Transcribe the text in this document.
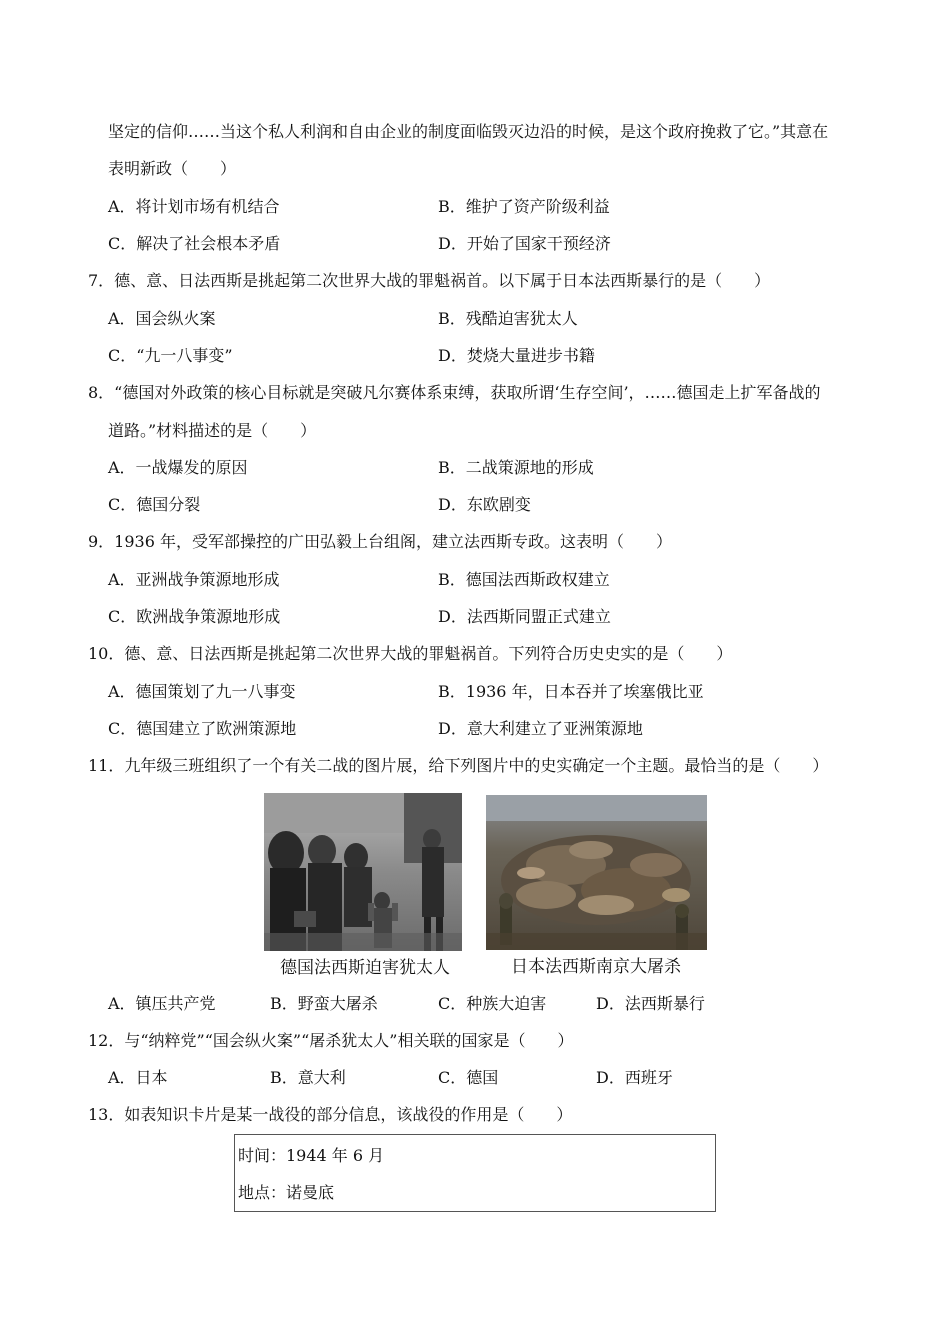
坚定的信仰……当这个私人利润和自由企业的制度面临毁灭边沿的时候，是这个政府挽救了它。”其意在
表明新政（　　）
A．将计划市场有机结合	B．维护了资产阶级利益
C．解决了社会根本矛盾	D．开始了国家干预经济
7．德、意、日法西斯是挑起第二次世界大战的罪魁祸首。以下属于日本法西斯暴行的是（　　）
A．国会纵火案	B．残酷迫害犹太人
C．“九一八事变”	D．焚烧大量进步书籍
8．“德国对外政策的核心目标就是突破凡尔赛体系束缚，获取所谓‘生存空间’，……德国走上扩军备战的
道路。”材料描述的是（　　）
A．一战爆发的原因	B．二战策源地的形成
C．德国分裂	D．东欧剧变
9．1936 年，受军部操控的广田弘毅上台组阁，建立法西斯专政。这表明（　　）
A．亚洲战争策源地形成	B．德国法西斯政权建立
C．欧洲战争策源地形成	D．法西斯同盟正式建立
10．德、意、日法西斯是挑起第二次世界大战的罪魁祸首。下列符合历史史实的是（　　）
A．德国策划了九一八事变	B．1936 年，日本吞并了埃塞俄比亚
C．德国建立了欧洲策源地	D．意大利建立了亚洲策源地
11．九年级三班组织了一个有关二战的图片展，给下列图片中的史实确定一个主题。最恰当的是（　　）
德国法西斯迫害犹太人	日本法西斯南京大屠杀
A．镇压共产党	B．野蛮大屠杀	C．种族大迫害	D．法西斯暴行
12．与“纳粹党”“国会纵火案”“屠杀犹太人”相关联的国家是（　　）
A．日本	B．意大利	C．德国	D．西班牙
13．如表知识卡片是某一战役的部分信息，该战役的作用是（　　）
时间：1944 年 6 月
地点：诺曼底
